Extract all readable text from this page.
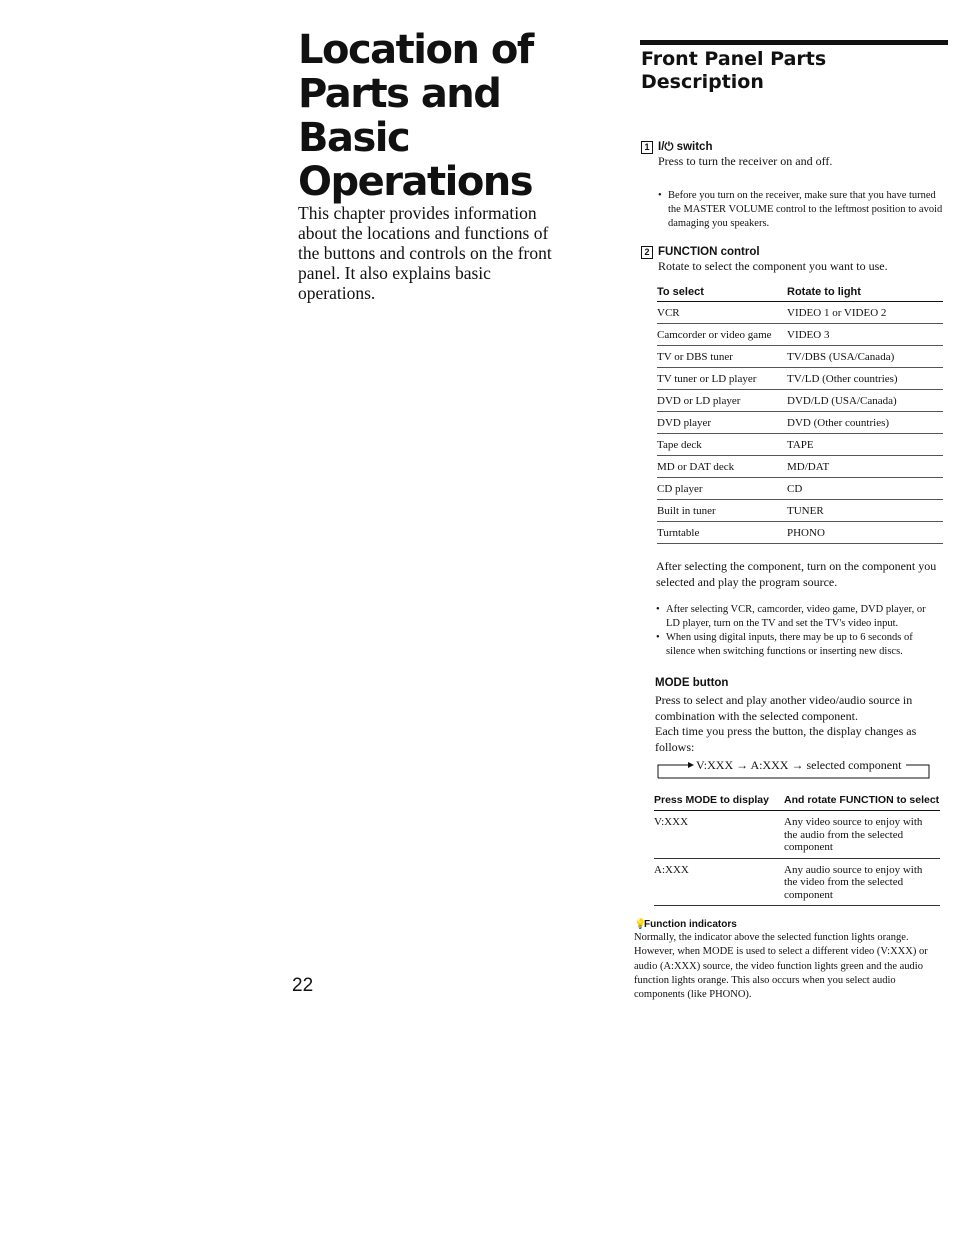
Location of Parts and Basic Operations

This chapter provides information about the locations and functions of the buttons and controls on the front panel. It also explains basic operations.

22
Front Panel Parts Description
1 I/⏻ switch
Press to turn the receiver on and off.
• Before you turn on the receiver, make sure that you have turned the MASTER VOLUME control to the leftmost position to avoid damaging you speakers.
2 FUNCTION control
Rotate to select the component you want to use.
To select	Rotate to light
VCR	VIDEO 1 or VIDEO 2
Camcorder or video game	VIDEO 3
TV or DBS tuner	TV/DBS (USA/Canada)
TV tuner or LD player	TV/LD (Other countries)
DVD or LD player	DVD/LD (USA/Canada)
DVD player	DVD (Other countries)
Tape deck	TAPE
MD or DAT deck	MD/DAT
CD player	CD
Built in tuner	TUNER
Turntable	PHONO
After selecting the component, turn on the component you selected and play the program source.
• After selecting VCR, camcorder, video game, DVD player, or LD player, turn on the TV and set the TV's video input.
• When using digital inputs, there may be up to 6 seconds of silence when switching functions or inserting new discs.
MODE button
Press to select and play another video/audio source in combination with the selected component.
Each time you press the button, the display changes as follows:
V:XXX → A:XXX → selected component
Press MODE to display	And rotate FUNCTION to select
V:XXX	Any video source to enjoy with the audio from the selected component
A:XXX	Any audio source to enjoy with the video from the selected component
💡Function indicators
Normally, the indicator above the selected function lights orange. However, when MODE is used to select a different video (V:XXX) or audio (A:XXX) source, the video function lights green and the audio function lights orange. This also occurs when you select audio components (like PHONO).
